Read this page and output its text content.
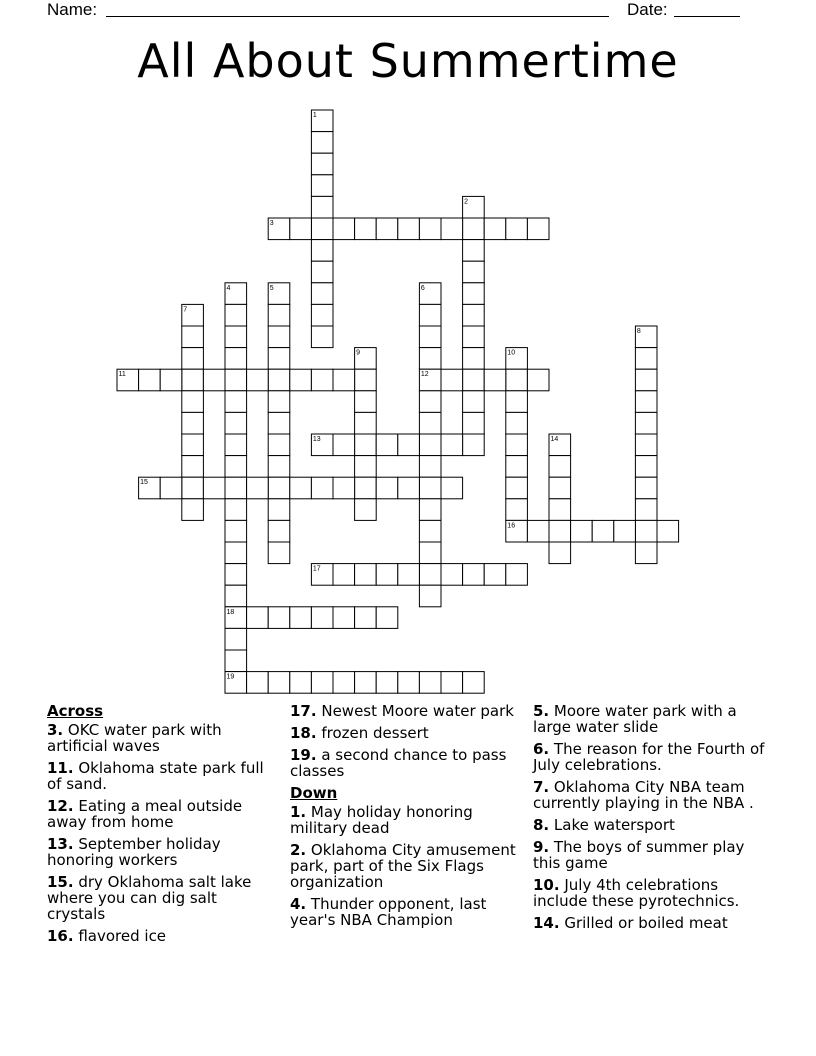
Name:	Date:
All About Summertime
1
2
3
4	5	6
7
8
9	10
11	12
13	14
15
16
17
18
19
Across
3. OKC water park with artificial waves
11. Oklahoma state park full of sand.
12. Eating a meal outside away from home
13. September holiday honoring workers
15. dry Oklahoma salt lake where you can dig salt crystals
16. flavored ice
17. Newest Moore water park
18. frozen dessert
19. a second chance to pass classes
Down
1. May holiday honoring military dead
2. Oklahoma City amusement park, part of the Six Flags organization
4. Thunder opponent, last year's NBA Champion
5. Moore water park with a large water slide
6. The reason for the Fourth of July celebrations.
7. Oklahoma City NBA team currently playing in the NBA .
8. Lake watersport
9. The boys of summer play this game
10. July 4th celebrations include these pyrotechnics.
14. Grilled or boiled meat
